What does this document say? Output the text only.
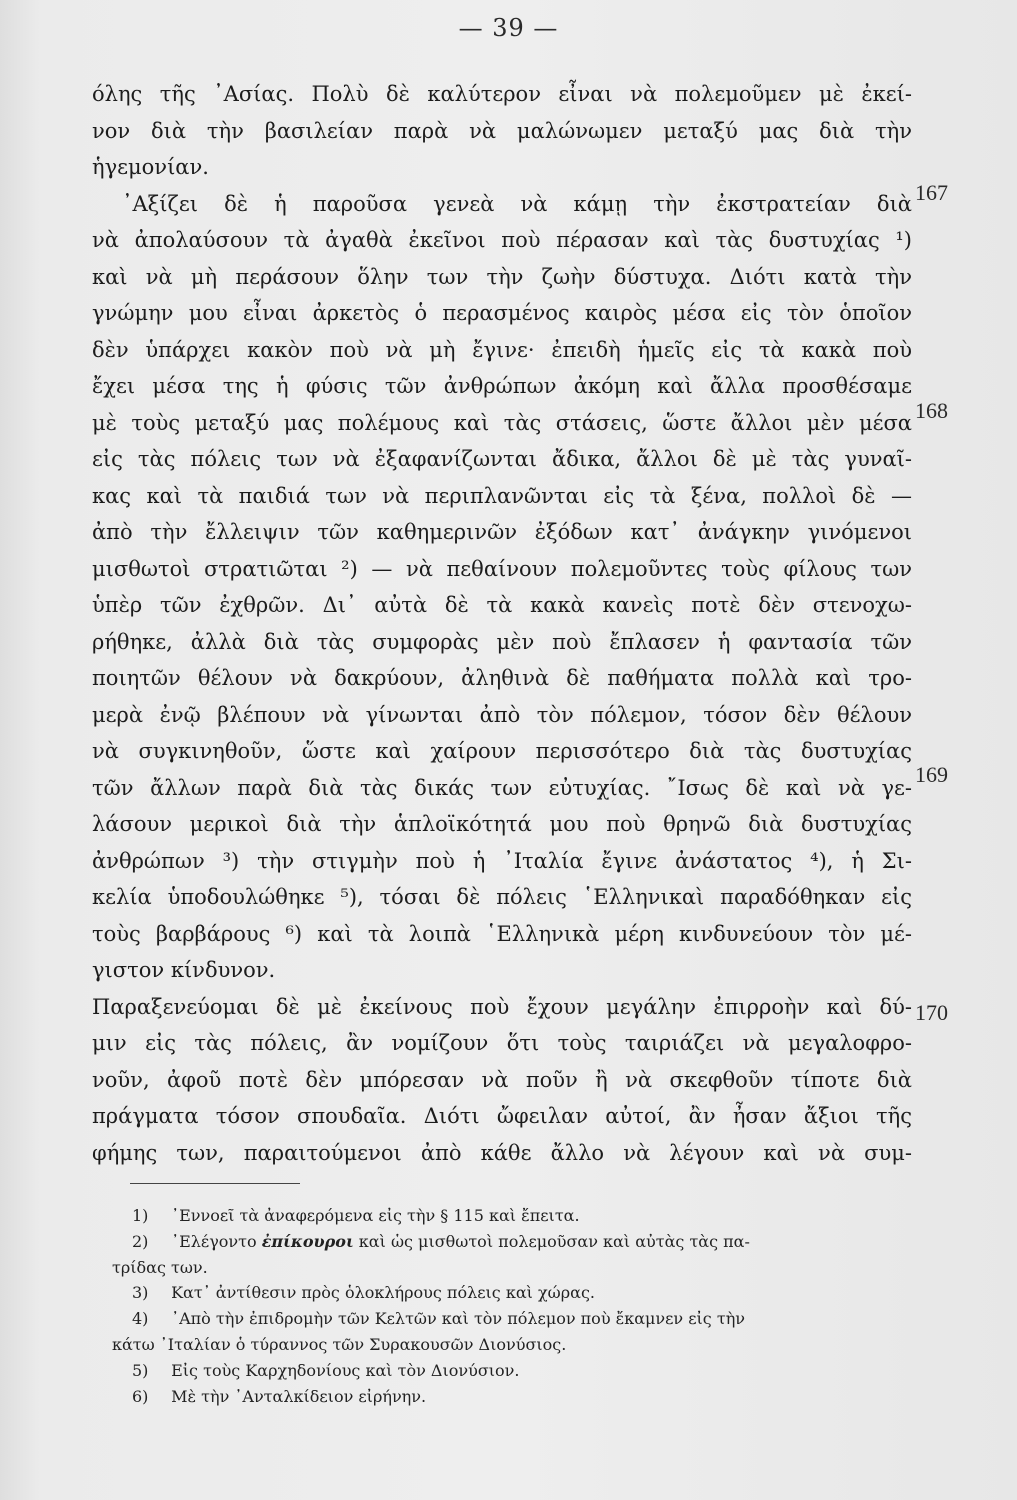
— 39 —
όλης τῆς ᾿Ασίας. Πολὺ δὲ καλύτερον εἶναι νὰ πολεμοῦμεν μὲ ἐκεί-
νον διὰ τὴν βασιλείαν παρὰ νὰ μαλώνωμεν μεταξύ μας διὰ τὴν
ἡγεμονίαν.
᾿Αξίζει δὲ ἡ παροῦσα γενεὰ νὰ κάμῃ τὴν ἐκστρατείαν διὰ
νὰ ἀπολαύσουν τὰ ἀγαθὰ ἐκεῖνοι ποὺ πέρασαν καὶ τὰς δυστυχίας ¹)
καὶ νὰ μὴ περάσουν ὅλην των τὴν ζωὴν δύστυχα. Διότι κατὰ τὴν
γνώμην μου εἶναι ἀρκετὸς ὁ περασμένος καιρὸς μέσα εἰς τὸν ὁποῖον
δὲν ὑπάρχει κακὸν ποὺ νὰ μὴ ἔγινε· ἐπειδὴ ἡμεῖς εἰς τὰ κακὰ ποὺ
ἔχει μέσα της ἡ φύσις τῶν ἀνθρώπων ἀκόμη καὶ ἄλλα προσθέσαμε
μὲ τοὺς μεταξύ μας πολέμους καὶ τὰς στάσεις, ὥστε ἄλλοι μὲν μέσα
εἰς τὰς πόλεις των νὰ ἐξαφανίζωνται ἄδικα, ἄλλοι δὲ μὲ τὰς γυναῖ-
κας καὶ τὰ παιδιά των νὰ περιπλανῶνται εἰς τὰ ξένα, πολλοὶ δὲ —
ἀπὸ τὴν ἔλλειψιν τῶν καθημερινῶν ἐξόδων κατ᾿ ἀνάγκην γινόμενοι
μισθωτοὶ στρατιῶται ²) — νὰ πεθαίνουν πολεμοῦντες τοὺς φίλους των
ὑπὲρ τῶν ἐχθρῶν. Δι᾿ αὐτὰ δὲ τὰ κακὰ κανεὶς ποτὲ δὲν στενοχω-
ρήθηκε, ἀλλὰ διὰ τὰς συμφορὰς μὲν ποὺ ἔπλασεν ἡ φαντασία τῶν
ποιητῶν θέλουν νὰ δακρύουν, ἀληθινὰ δὲ παθήματα πολλὰ καὶ τρο-
μερὰ ἐνῷ βλέπουν νὰ γίνωνται ἀπὸ τὸν πόλεμον, τόσον δὲν θέλουν
νὰ συγκινηθοῦν, ὥστε καὶ χαίρουν περισσότερο διὰ τὰς δυστυχίας
τῶν ἄλλων παρὰ διὰ τὰς δικάς των εὐτυχίας. ῎Ισως δὲ καὶ νὰ γε-
λάσουν μερικοὶ διὰ τὴν ἁπλοϊκότητά μου ποὺ θρηνῶ διὰ δυστυχίας
ἀνθρώπων ³) τὴν στιγμὴν ποὺ ἡ ᾿Ιταλία ἔγινε ἀνάστατος ⁴), ἡ Σι-
κελία ὑποδουλώθηκε ⁵), τόσαι δὲ πόλεις ῾Ελληνικαὶ παραδόθηκαν εἰς
τοὺς βαρβάρους ⁶) καὶ τὰ λοιπὰ ῾Ελληνικὰ μέρη κινδυνεύουν τὸν μέ-
γιστον κίνδυνον.
Παραξενεύομαι δὲ μὲ ἐκείνους ποὺ ἔχουν μεγάλην ἐπιρροὴν καὶ δύ-
μιν εἰς τὰς πόλεις, ἂν νομίζουν ὅτι τοὺς ταιριάζει νὰ μεγαλοφρο-
νοῦν, ἀφοῦ ποτὲ δὲν μπόρεσαν νὰ ποῦν ἢ νὰ σκεφθοῦν τίποτε διὰ
πράγματα τόσον σπουδαῖα. Διότι ὤφειλαν αὐτοί, ἂν ἦσαν ἄξιοι τῆς
φήμης των, παραιτούμενοι ἀπὸ κάθε ἄλλο νὰ λέγουν καὶ νὰ συμ-
167
168
169
170
1) ᾿Εννοεῖ τὰ ἀναφερόμενα εἰς τὴν § 115 καὶ ἔπειτα.
2) ᾿Ελέγοντο ἐπίκουροι καὶ ὡς μισθωτοὶ πολεμοῦσαν καὶ αὐτὰς τὰς πα-
τρίδας των.
3) Κατ᾿ ἀντίθεσιν πρὸς ὁλοκλήρους πόλεις καὶ χώρας.
4) ᾿Απὸ τὴν ἐπιδρομὴν τῶν Κελτῶν καὶ τὸν πόλεμον ποὺ ἔκαμνεν εἰς τὴν
κάτω ᾿Ιταλίαν ὁ τύραννος τῶν Συρακουσῶν Διονύσιος.
5) Εἰς τοὺς Καρχηδονίους καὶ τὸν Διονύσιον.
6) Μὲ τὴν ᾿Ανταλκίδειον εἰρήνην.
